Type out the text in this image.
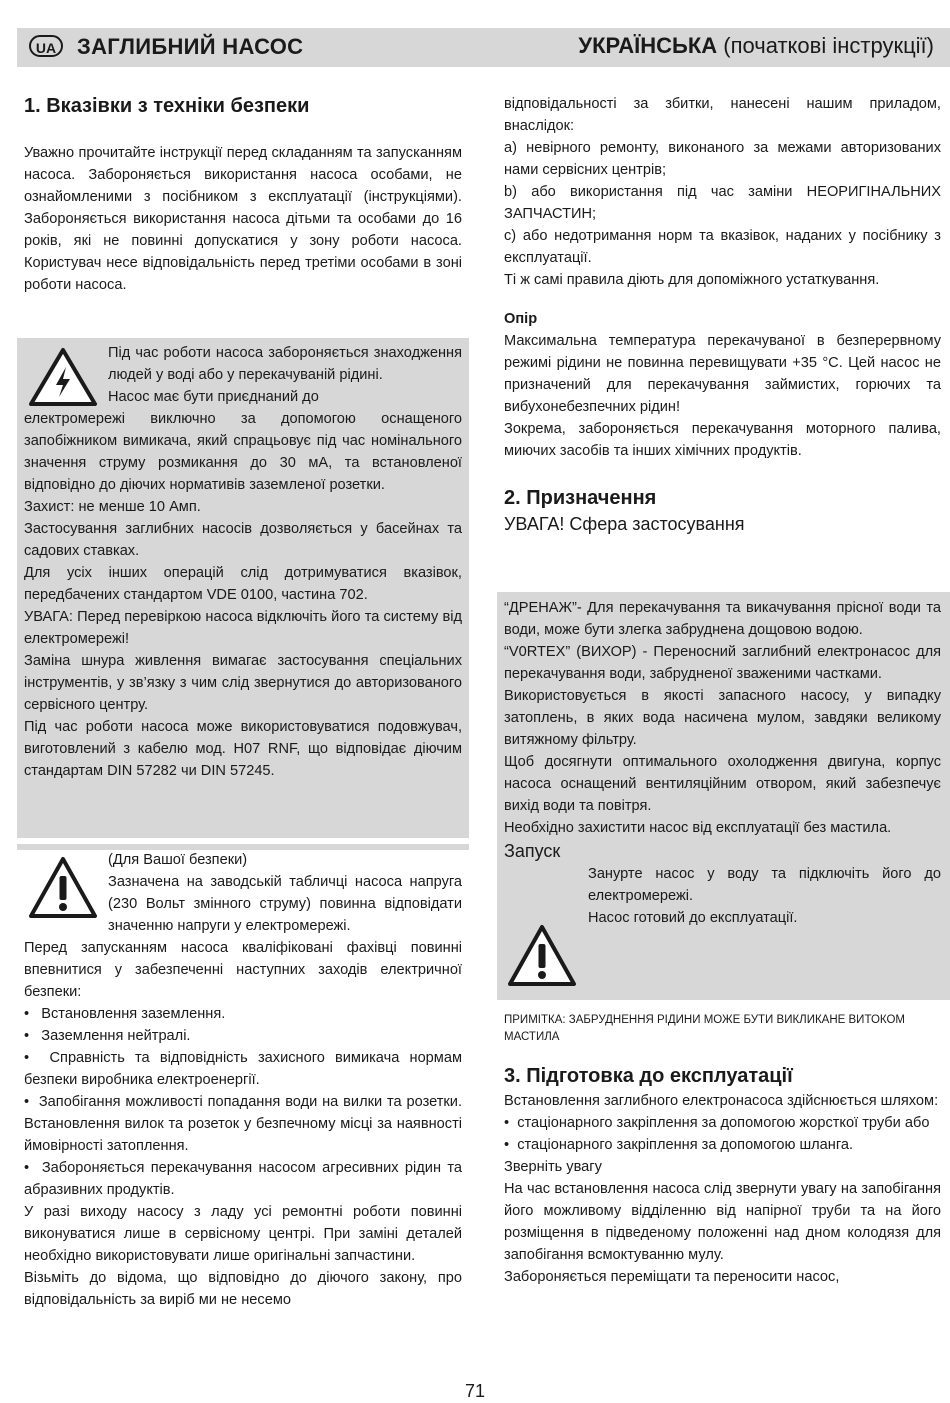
UA ЗАГЛИБНИЙ НАСОС	УКРАЇНСЬКА (початкові інструкції)
1. Вказівки з техніки безпеки

Уважно прочитайте інструкції перед складанням та запусканням насоса. Забороняється використання насоса особами, не ознайомленими з посібником з експлуатації (інструкціями). Забороняється використання насоса дітьми та особами до 16 років, які не повинні допускатися у зону роботи насоса. Користувач несе відповідальність перед третіми особами в зоні роботи насоса.

Під час роботи насоса забороняється знаходження людей у воді або у перекачуваній рідині.

Насос має бути приєднаний до

електромережі виключно за допомогою оснащеного запобіжником вимикача, який спрацьовує під час номінального значення струму розмикання до 30 мА, та встановленої відповідно до діючих нормативів заземленої розетки.

Захист: не менше 10 Амп.

Застосування заглибних насосів дозволяється у басейнах та садових ставках.

Для усіх інших операцій слід дотримуватися вказівок, передбачених стандартом VDE 0100, частина 702.

УВАГА: Перед перевіркою насоса відключіть його та систему від електромережі!

Заміна шнура живлення вимагає застосування спеціальних інструментів, у зв’язку з чим слід звернутися до авторизованого сервісного центру.

Під час роботи насоса може використовуватися подовжувач, виготовлений з кабелю мод. H07 RNF, що відповідає діючим стандартам DIN 57282 чи DIN 57245.

(Для Вашої безпеки)

Зазначена на заводській табличці насоса напруга (230 Вольт змінного струму) повинна відповідати значенню напруги у електромережі.

Перед запусканням насоса кваліфіковані фахівці повинні впевнитися у забезпеченні наступних заходів електричної безпеки:

•   Встановлення заземлення.

•   Заземлення нейтралі.

•  Справність та відповідність захисного вимикача нормам безпеки виробника електроенергії.

•  Запобігання можливості попадання води на вилки та розетки. Встановлення вилок та розеток у безпечному місці за наявності ймовірності затоплення.

•  Забороняється перекачування насосом агресивних рідин та абразивних продуктів.

У разі виходу насосу з ладу усі ремонтні роботи повинні виконуватися лише в сервісному центрі. При заміні деталей необхідно використовувати лише оригінальні запчастини.

Візьміть до відома, що відповідно до діючого закону, про відповідальність за виріб ми не несемо

відповідальності за збитки, нанесені нашим приладом, внаслідок:

a) невірного ремонту, виконаного за межами авторизованих нами сервісних центрів;

b) або використання під час заміни НЕОРИГІНАЛЬНИХ ЗАПЧАСТИН;

c) або недотримання норм та вказівок, наданих у посібнику з експлуатації.

Ті ж самі правила діють для допоміжного устаткування.

Опір

Максимальна температура перекачуваної в безперервному режимі рідини не повинна перевищувати +35 °C. Цей насос не призначений для перекачування займистих, горючих та вибухонебезпечних рідин!

Зокрема, забороняється перекачування моторного палива, миючих засобів та інших хімічних продуктів.

2. Призначення

УВАГА! Сфера застосування

“ДРЕНАЖ”- Для перекачування та викачування прісної води та води, може бути злегка забруднена дощовою водою.

“V0RTEX” (ВИХОР) - Переносний заглибний електронасос для перекачування води, забрудненої зваженими частками.

Використовується в якості запасного насосу, у випадку затоплень, в яких вода насичена мулом, завдяки великому витяжному фільтру.

Щоб досягнути оптимального охолодження двигуна, корпус насоса оснащений вентиляційним отвором, який забезпечує вихід води та повітря.

Необхідно захистити насос від експлуатації без мастила.

Запуск

Занурте насос у воду та підключіть його до електромережі.

Насос готовий до експлуатації.

ПРИМІТКА: ЗАБРУДНЕННЯ РІДИНИ МОЖЕ БУТИ ВИКЛИКАНЕ ВИТОКОМ МАСТИЛА

3. Підготовка до експлуатації

Встановлення заглибного електронасоса здійснюється шляхом:

•  стаціонарного закріплення за допомогою жорсткої труби або

•  стаціонарного закріплення за допомогою шланга.

Зверніть увагу

На час встановлення насоса слід звернути увагу на запобігання його можливому відділенню від напірної труби та на його розміщення в підведеному положенні над дном колодязя для запобігання всмоктуванню мулу.

Забороняється переміщати та переносити насос,

71
